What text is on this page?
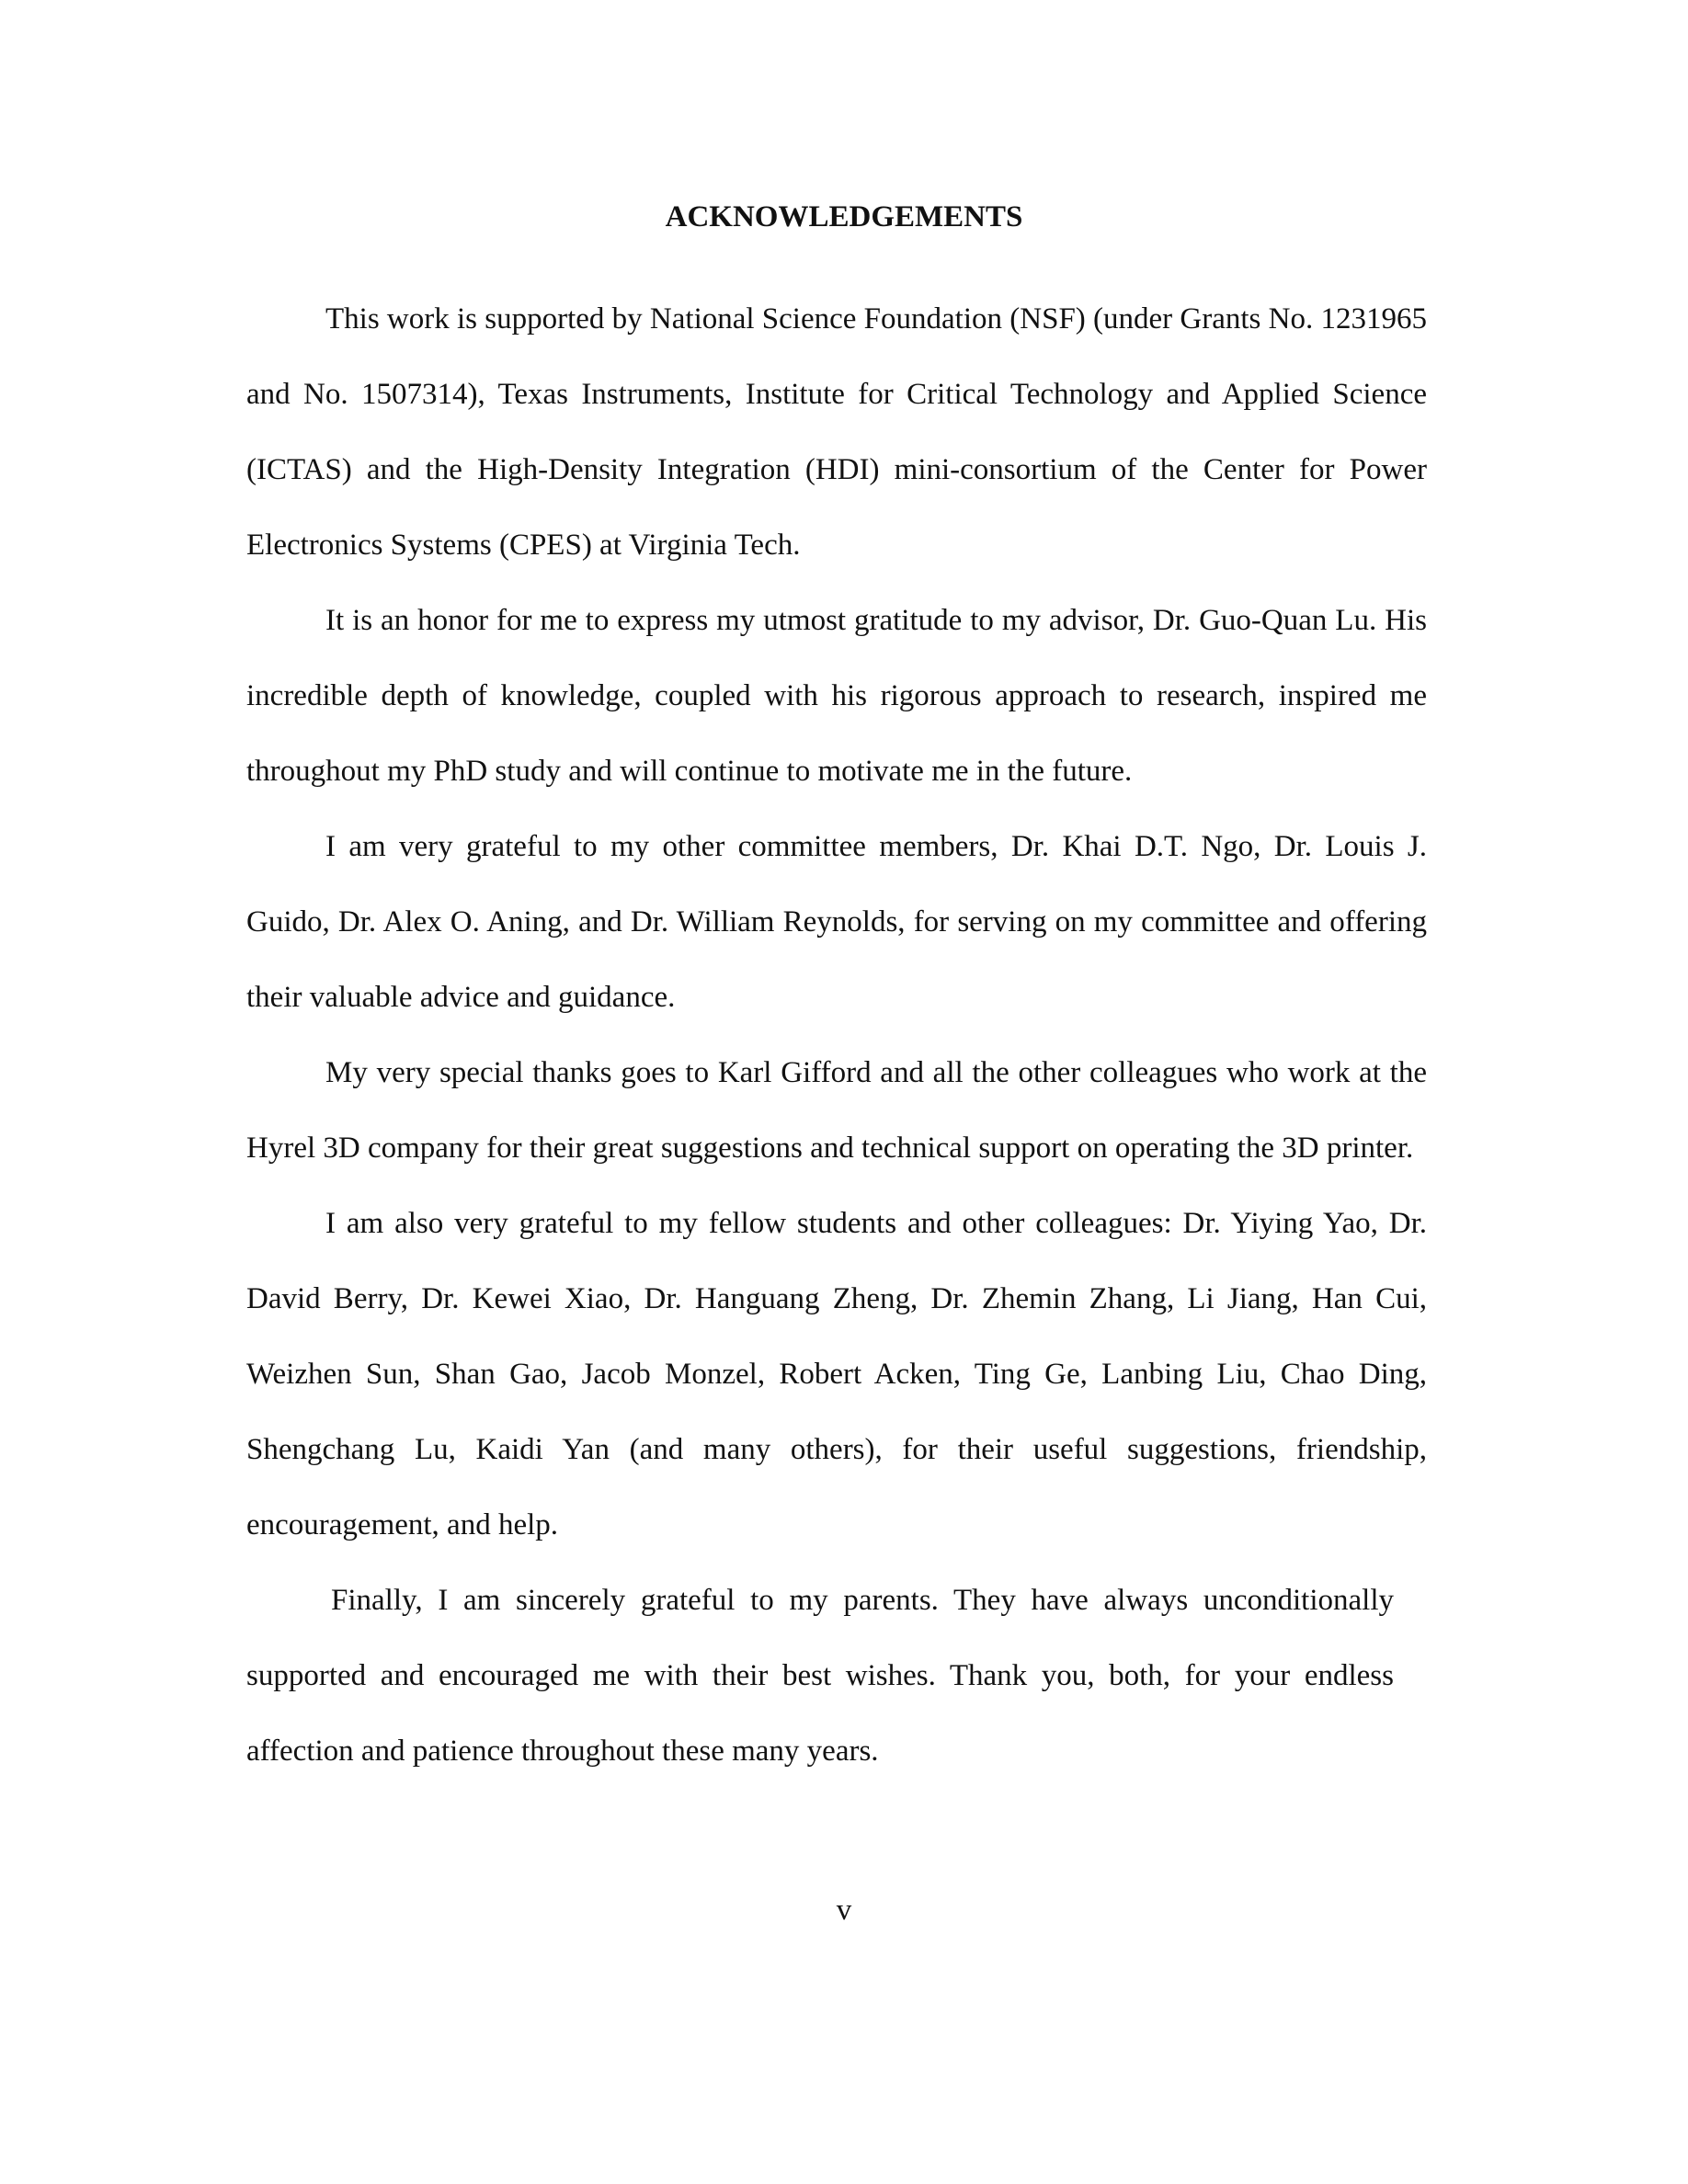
ACKNOWLEDGEMENTS

This work is supported by National Science Foundation (NSF) (under Grants No. 1231965 and No. 1507314), Texas Instruments, Institute for Critical Technology and Applied Science (ICTAS) and the High-Density Integration (HDI) mini-consortium of the Center for Power Electronics Systems (CPES) at Virginia Tech.

It is an honor for me to express my utmost gratitude to my advisor, Dr. Guo-Quan Lu. His incredible depth of knowledge, coupled with his rigorous approach to research, inspired me throughout my PhD study and will continue to motivate me in the future.

I am very grateful to my other committee members, Dr. Khai D.T. Ngo, Dr. Louis J. Guido, Dr. Alex O. Aning, and Dr. William Reynolds, for serving on my committee and offering their valuable advice and guidance.

My very special thanks goes to Karl Gifford and all the other colleagues who work at the Hyrel 3D company for their great suggestions and technical support on operating the 3D printer.

I am also very grateful to my fellow students and other colleagues: Dr. Yiying Yao, Dr. David Berry, Dr. Kewei Xiao, Dr. Hanguang Zheng, Dr. Zhemin Zhang, Li Jiang, Han Cui, Weizhen Sun, Shan Gao, Jacob Monzel, Robert Acken, Ting Ge, Lanbing Liu, Chao Ding, Shengchang Lu, Kaidi Yan (and many others), for their useful suggestions, friendship, encouragement, and help.

Finally, I am sincerely grateful to my parents. They have always unconditionally supported and encouraged me with their best wishes. Thank you, both, for your endless affection and patience throughout these many years.

v
